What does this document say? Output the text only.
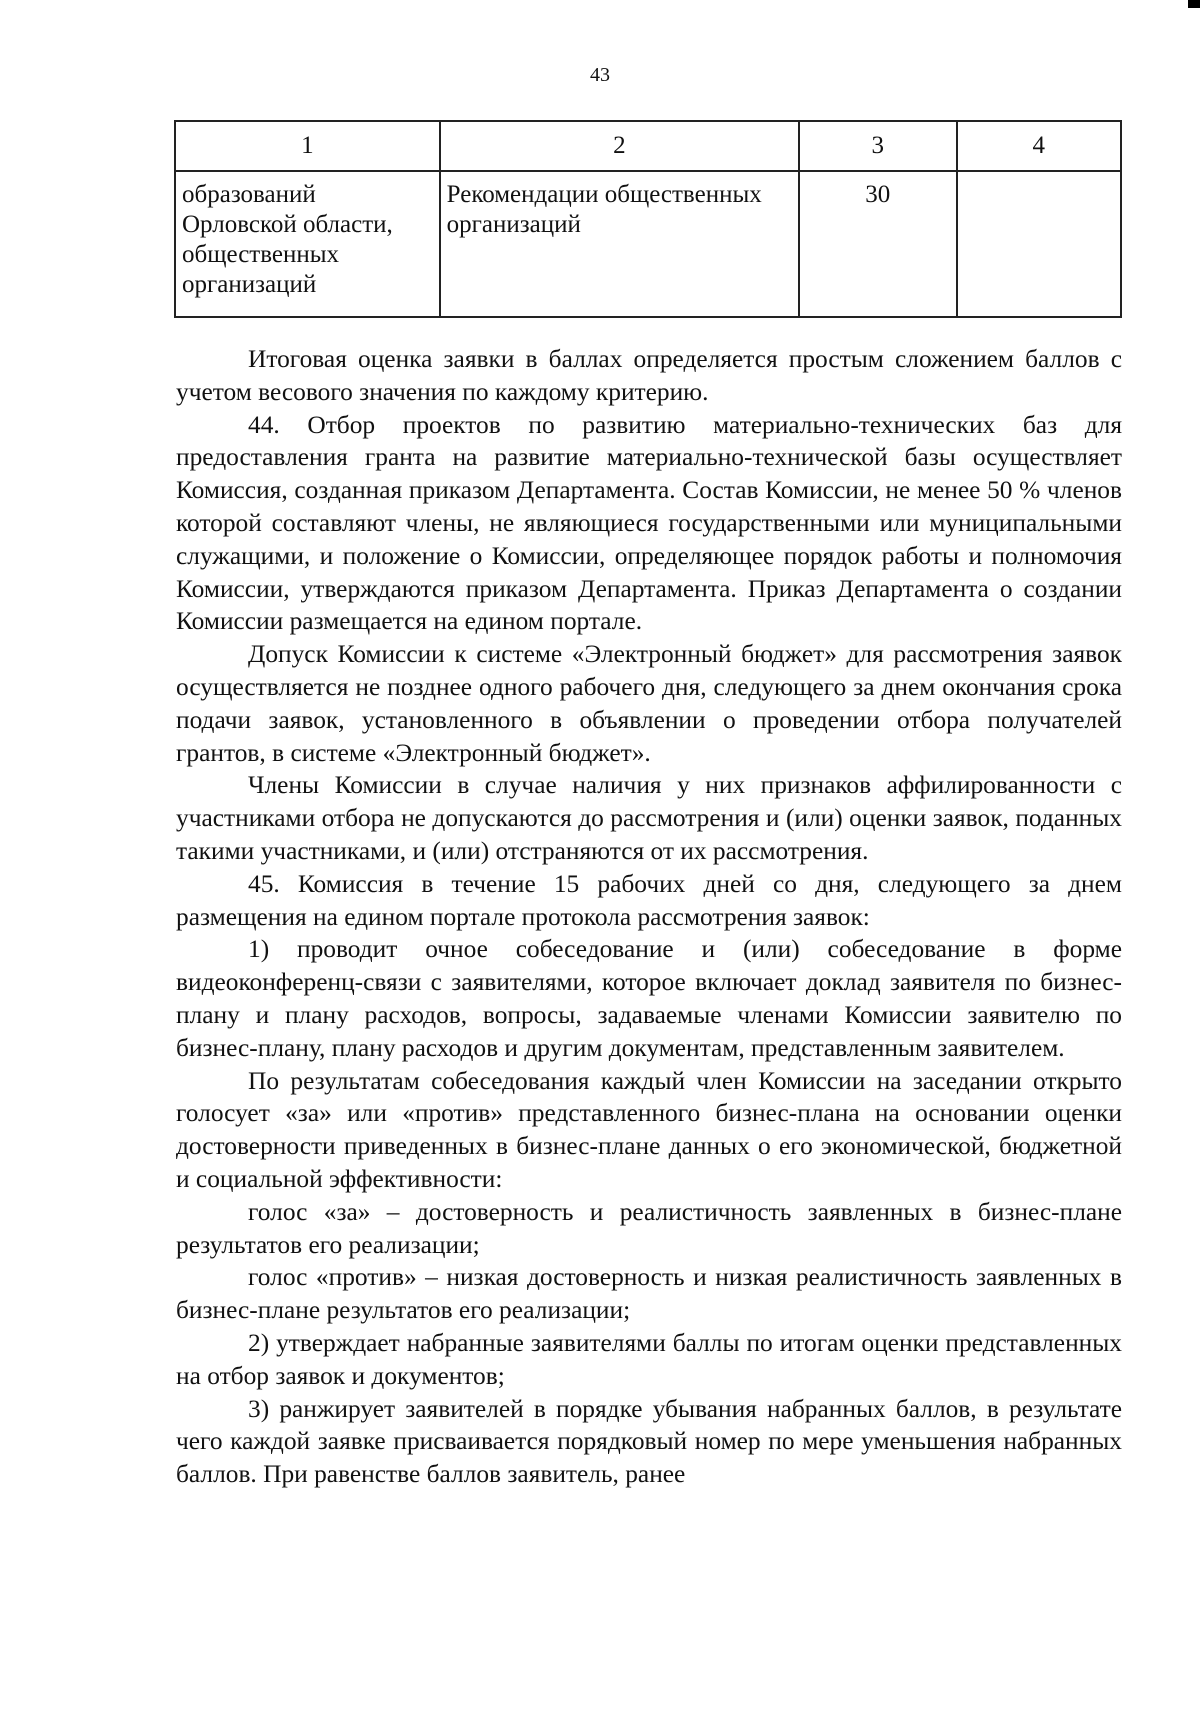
43
1	2	3	4
образований Орловской области, общественных организаций	Рекомендации общественных организаций	30	

Итоговая оценка заявки в баллах определяется простым сложением баллов с учетом весового значения по каждому критерию.

44. Отбор проектов по развитию материально-технических баз для предоставления гранта на развитие материально-технической базы осуществляет Комиссия, созданная приказом Департамента. Состав Комиссии, не менее 50 % членов которой составляют члены, не являющиеся государственными или муниципальными служащими, и положение о Комиссии, определяющее порядок работы и полномочия Комиссии, утверждаются приказом Департамента. Приказ Департамента о создании Комиссии размещается на едином портале.

Допуск Комиссии к системе «Электронный бюджет» для рассмотрения заявок осуществляется не позднее одного рабочего дня, следующего за днем окончания срока подачи заявок, установленного в объявлении о проведении отбора получателей грантов, в системе «Электронный бюджет».

Члены Комиссии в случае наличия у них признаков аффилированности с участниками отбора не допускаются до рассмотрения и (или) оценки заявок, поданных такими участниками, и (или) отстраняются от их рассмотрения.

45. Комиссия в течение 15 рабочих дней со дня, следующего за днем размещения на едином портале протокола рассмотрения заявок:

1) проводит очное собеседование и (или) собеседование в форме видеоконференц-связи с заявителями, которое включает доклад заявителя по бизнес-плану и плану расходов, вопросы, задаваемые членами Комиссии заявителю по бизнес-плану, плану расходов и другим документам, представленным заявителем.

По результатам собеседования каждый член Комиссии на заседании открыто голосует «за» или «против» представленного бизнес-плана на основании оценки достоверности приведенных в бизнес-плане данных о его экономической, бюджетной и социальной эффективности:

голос «за» – достоверность и реалистичность заявленных в бизнес-плане результатов его реализации;

голос «против» – низкая достоверность и низкая реалистичность заявленных в бизнес-плане результатов его реализации;

2) утверждает набранные заявителями баллы по итогам оценки представленных на отбор заявок и документов;

3) ранжирует заявителей в порядке убывания набранных баллов, в результате чего каждой заявке присваивается порядковый номер по мере уменьшения набранных баллов. При равенстве баллов заявитель, ранее
